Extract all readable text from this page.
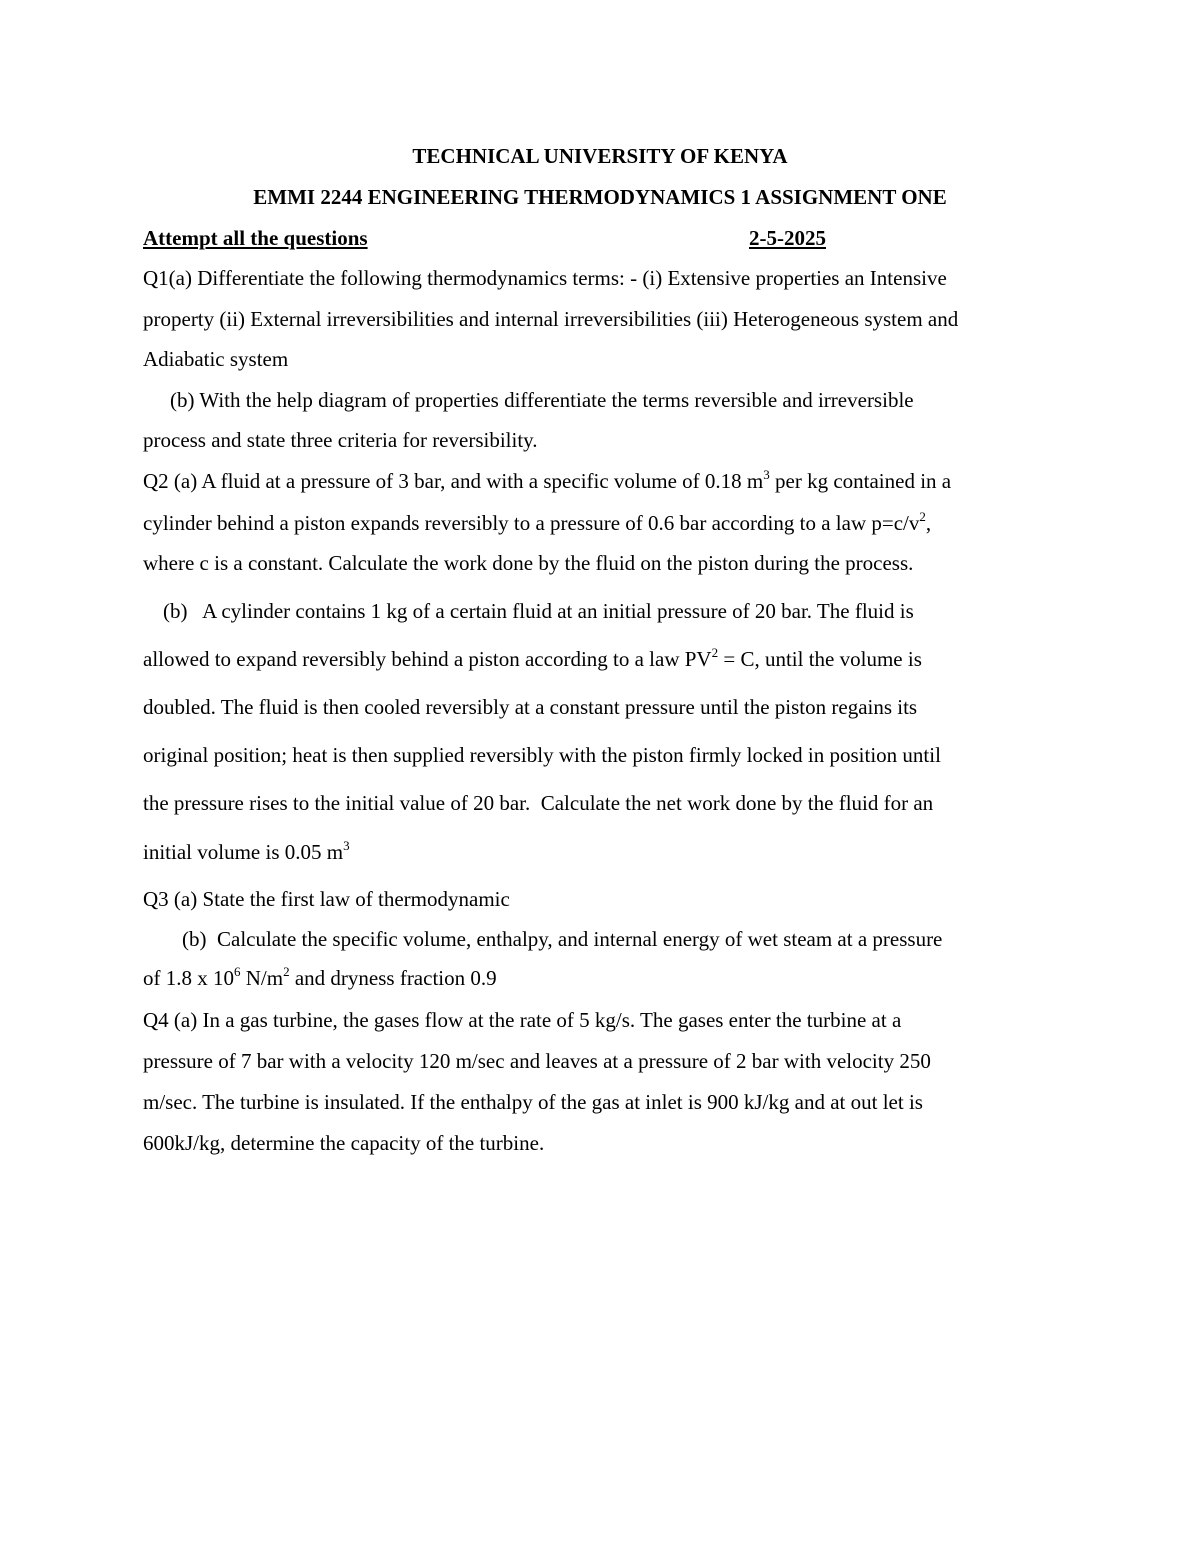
TECHNICAL UNIVERSITY OF KENYA
EMMI 2244 ENGINEERING THERMODYNAMICS 1 ASSIGNMENT ONE
Attempt all the questions	2-5-2025
Q1(a) Differentiate the following thermodynamics terms: - (i) Extensive properties an Intensive
property (ii) External irreversibilities and internal irreversibilities (iii) Heterogeneous system and
Adiabatic system
(b) With the help diagram of properties differentiate the terms reversible and irreversible
process and state three criteria for reversibility.
Q2 (a) A fluid at a pressure of 3 bar, and with a specific volume of 0.18 $m^3$ per kg contained in a
cylinder behind a piston expands reversibly to a pressure of 0.6 bar according to a law $p=c/v^2$,
where c is a constant. Calculate the work done by the fluid on the piston during the process.
(b)   A cylinder contains 1 kg of a certain fluid at an initial pressure of 20 bar. The fluid is
allowed to expand reversibly behind a piston according to a law $PV^2 = C$, until the volume is
doubled. The fluid is then cooled reversibly at a constant pressure until the piston regains its
original position; heat is then supplied reversibly with the piston firmly locked in position until
the pressure rises to the initial value of 20 bar.  Calculate the net work done by the fluid for an
initial volume is 0.05 $m^3$
Q3 (a) State the first law of thermodynamic
(b)  Calculate the specific volume, enthalpy, and internal energy of wet steam at a pressure
of 1.8 x $10^6$ $N/m^2$ and dryness fraction 0.9
Q4 (a) In a gas turbine, the gases flow at the rate of 5 kg/s. The gases enter the turbine at a
pressure of 7 bar with a velocity 120 m/sec and leaves at a pressure of 2 bar with velocity 250
m/sec. The turbine is insulated. If the enthalpy of the gas at inlet is 900 kJ/kg and at out let is
600kJ/kg, determine the capacity of the turbine.
